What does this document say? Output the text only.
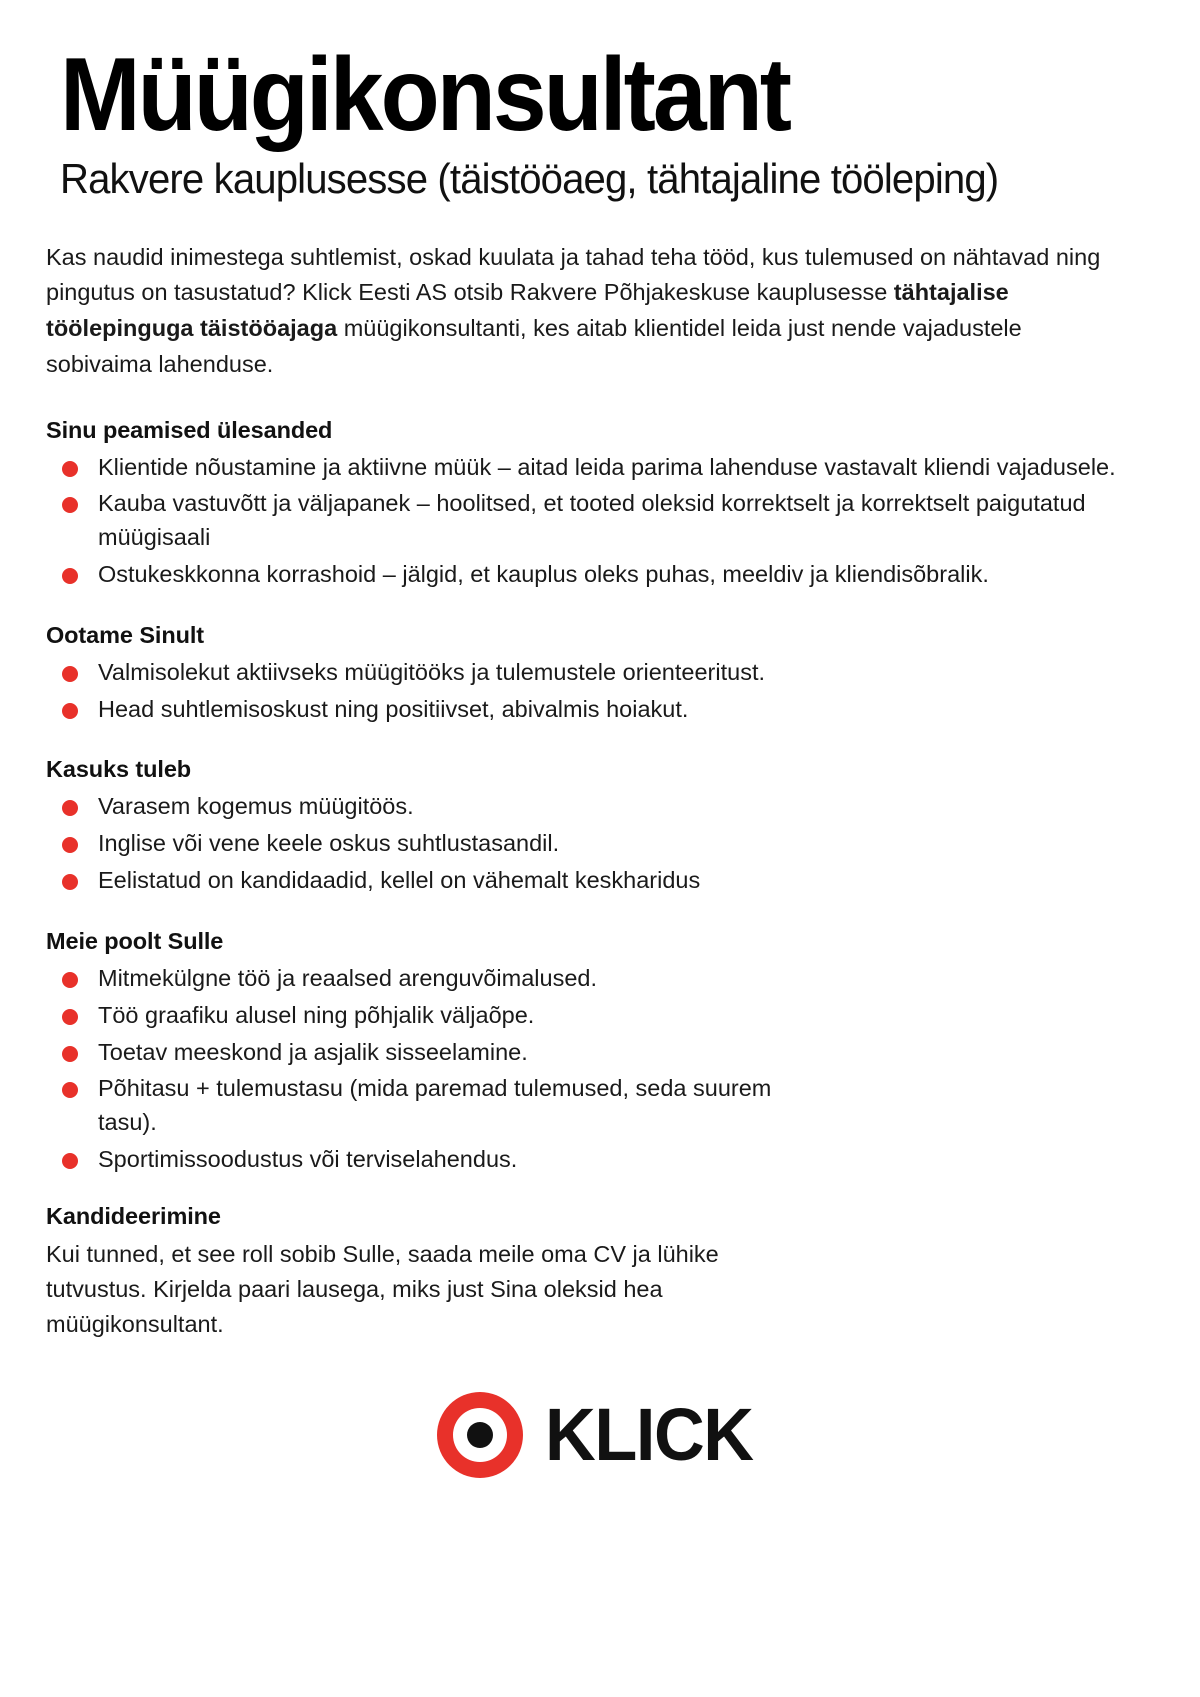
Müügikonsultant
Rakvere kauplusesse (täistööaeg, tähtajaline tööleping)

Kas naudid inimestega suhtlemist, oskad kuulata ja tahad teha tööd, kus tulemused on nähtavad ning pingutus on tasustatud? Klick Eesti AS otsib Rakvere Põhjakeskuse kauplusesse tähtajalise töölepinguga täistööajaga müügikonsultanti, kes aitab klientidel leida just nende vajadustele sobivaima lahenduse.

Sinu peamised ülesanded
Klientide nõustamine ja aktiivne müük – aitad leida parima lahenduse vastavalt kliendi vajadusele.
Kauba vastuvõtt ja väljapanek – hoolitsed, et tooted oleksid korrektselt ja korrektselt paigutatud müügisaali
Ostukeskkonna korrashoid – jälgid, et kauplus oleks puhas, meeldiv ja kliendisõbralik.
Ootame Sinult
Valmisolekut aktiivseks müügitööks ja tulemustele orienteeritust.
Head suhtlemisoskust ning positiivset, abivalmis hoiakut.
Kasuks tuleb
Varasem kogemus müügitöös.
Inglise või vene keele oskus suhtlustasandil.
Eelistatud on kandidaadid, kellel on vähemalt keskharidus
Meie poolt Sulle
Mitmekülgne töö ja reaalsed arenguvõimalused.
Töö graafiku alusel ning põhjalik väljaõpe.
Toetav meeskond ja asjalik sisseelamine.
Põhitasu + tulemustasu (mida paremad tulemused, seda suurem tasu).
Sportimissoodustus või terviselahendus.
Kandideerimine

Kui tunned, et see roll sobib Sulle, saada meile oma CV ja lühike tutvustus. Kirjelda paari lausega, miks just Sina oleksid hea müügikonsultant.

KLICK
